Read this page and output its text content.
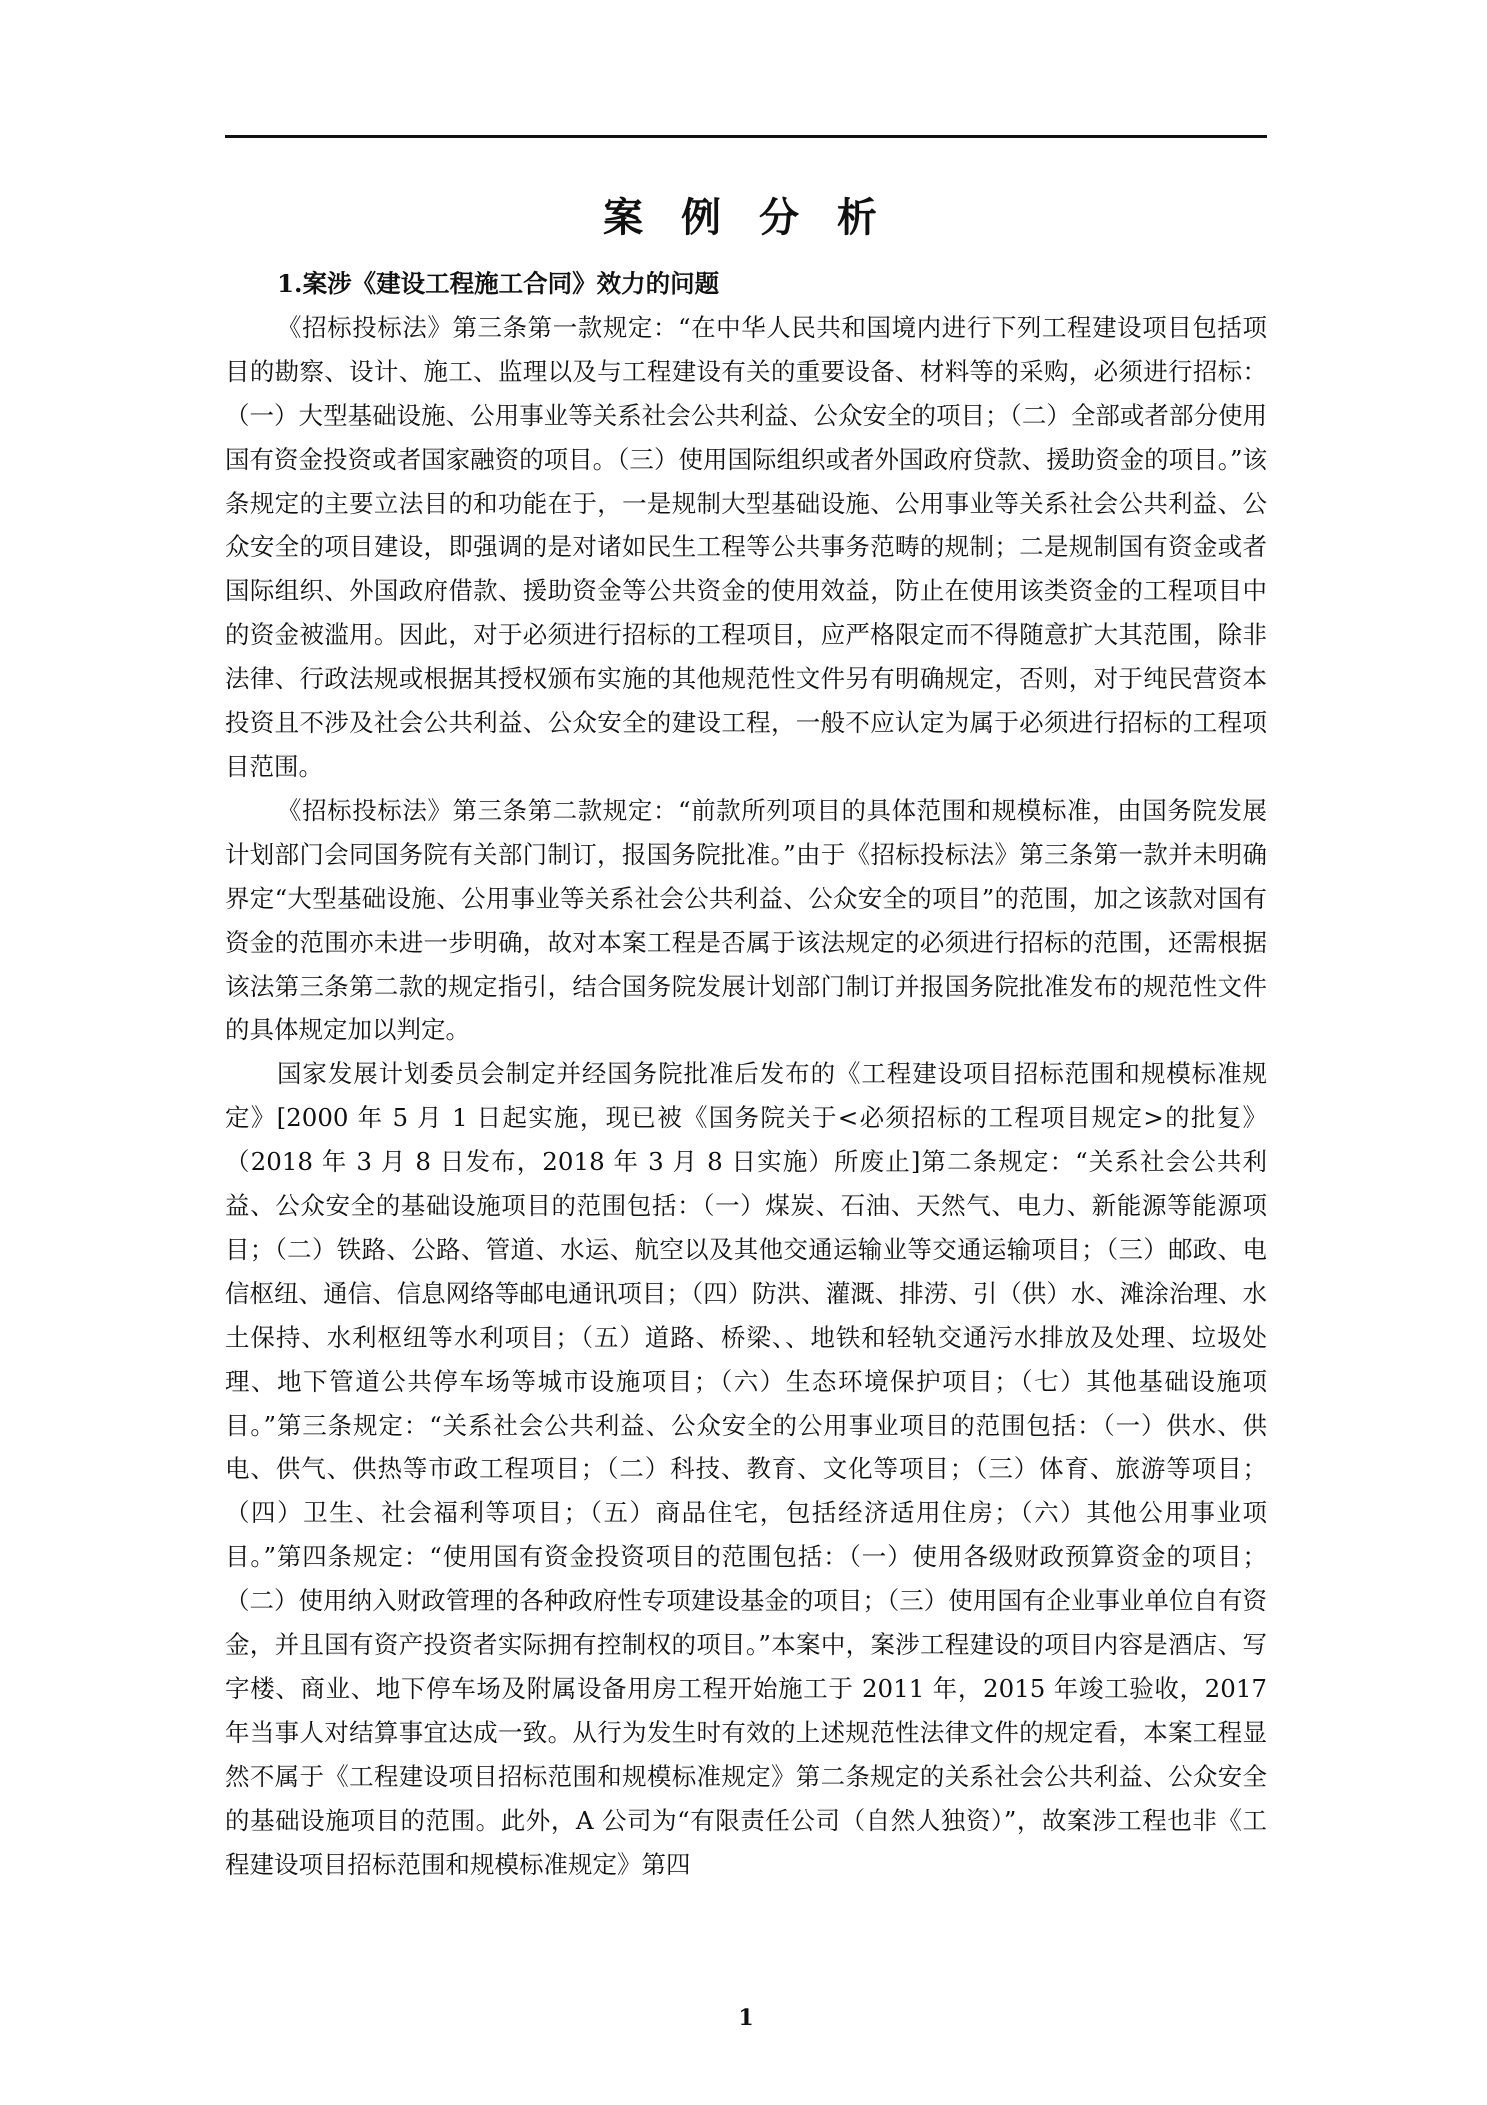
案 例 分 析

1.案涉《建设工程施工合同》效力的问题

《招标投标法》第三条第一款规定：“在中华人民共和国境内进行下列工程建设项目包括项目的勘察、设计、施工、监理以及与工程建设有关的重要设备、材料等的采购，必须进行招标：（一）大型基础设施、公用事业等关系社会公共利益、公众安全的项目；（二）全部或者部分使用国有资金投资或者国家融资的项目。（三）使用国际组织或者外国政府贷款、援助资金的项目。”该条规定的主要立法目的和功能在于，一是规制大型基础设施、公用事业等关系社会公共利益、公众安全的项目建设，即强调的是对诸如民生工程等公共事务范畴的规制；二是规制国有资金或者国际组织、外国政府借款、援助资金等公共资金的使用效益，防止在使用该类资金的工程项目中的资金被滥用。因此，对于必须进行招标的工程项目，应严格限定而不得随意扩大其范围，除非法律、行政法规或根据其授权颁布实施的其他规范性文件另有明确规定，否则，对于纯民营资本投资且不涉及社会公共利益、公众安全的建设工程，一般不应认定为属于必须进行招标的工程项目范围。

《招标投标法》第三条第二款规定：“前款所列项目的具体范围和规模标准，由国务院发展计划部门会同国务院有关部门制订，报国务院批准。”由于《招标投标法》第三条第一款并未明确界定“大型基础设施、公用事业等关系社会公共利益、公众安全的项目”的范围，加之该款对国有资金的范围亦未进一步明确，故对本案工程是否属于该法规定的必须进行招标的范围，还需根据该法第三条第二款的规定指引，结合国务院发展计划部门制订并报国务院批准发布的规范性文件的具体规定加以判定。

国家发展计划委员会制定并经国务院批准后发布的《工程建设项目招标范围和规模标准规定》[2000 年 5 月 1 日起实施，现已被《国务院关于<必须招标的工程项目规定>的批复》（2018 年 3 月 8 日发布，2018 年 3 月 8 日实施）所废止]第二条规定：“关系社会公共利益、公众安全的基础设施项目的范围包括：（一）煤炭、石油、天然气、电力、新能源等能源项目；（二）铁路、公路、管道、水运、航空以及其他交通运输业等交通运输项目；（三）邮政、电信枢纽、通信、信息网络等邮电通讯项目；（四）防洪、灌溉、排涝、引（供）水、滩涂治理、水土保持、水利枢纽等水利项目；（五）道路、桥梁、、地铁和轻轨交通污水排放及处理、垃圾处理、地下管道公共停车场等城市设施项目；（六）生态环境保护项目；（七）其他基础设施项目。”第三条规定：“关系社会公共利益、公众安全的公用事业项目的范围包括：（一）供水、供电、供气、供热等市政工程项目；（二）科技、教育、文化等项目；（三）体育、旅游等项目；（四）卫生、社会福利等项目；（五）商品住宅，包括经济适用住房；（六）其他公用事业项目。”第四条规定：“使用国有资金投资项目的范围包括：（一）使用各级财政预算资金的项目；（二）使用纳入财政管理的各种政府性专项建设基金的项目；（三）使用国有企业事业单位自有资金，并且国有资产投资者实际拥有控制权的项目。”本案中，案涉工程建设的项目内容是酒店、写字楼、商业、地下停车场及附属设备用房工程开始施工于 2011 年，2015 年竣工验收，2017 年当事人对结算事宜达成一致。从行为发生时有效的上述规范性法律文件的规定看，本案工程显然不属于《工程建设项目招标范围和规模标准规定》第二条规定的关系社会公共利益、公众安全的基础设施项目的范围。此外，A 公司为“有限责任公司（自然人独资）”，故案涉工程也非《工程建设项目招标范围和规模标准规定》第四

1
